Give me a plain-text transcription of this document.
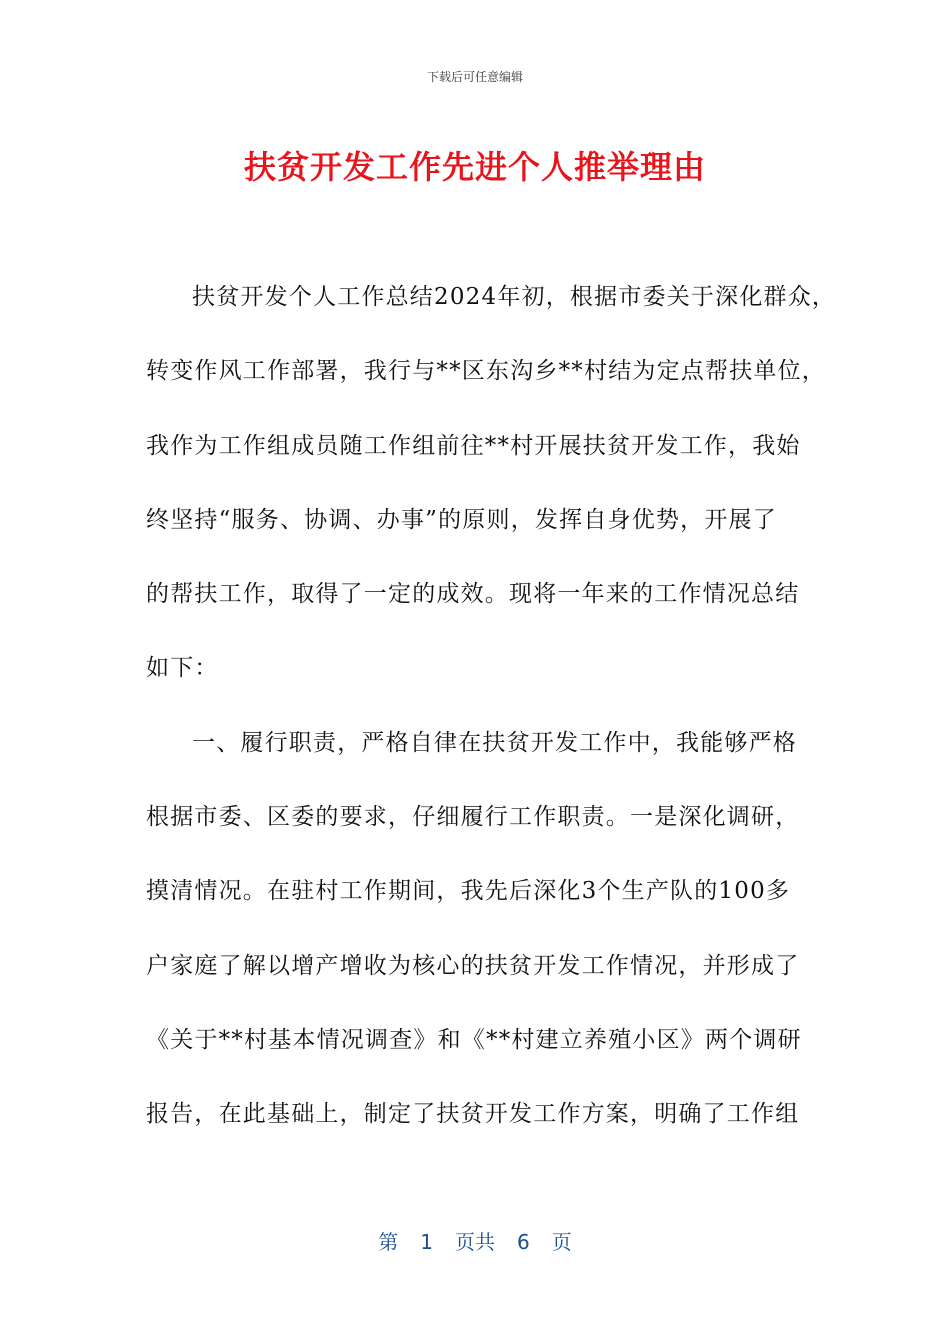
下载后可任意编辑
扶贫开发工作先进个人推举理由
扶贫开发个人工作总结2024年初，根据市委关于深化群众，
转变作风工作部署，我行与**区东沟乡**村结为定点帮扶单位，
我作为工作组成员随工作组前往**村开展扶贫开发工作，我始
终坚持“服务、协调、办事”的原则，发挥自身优势，开展了
的帮扶工作，取得了一定的成效。现将一年来的工作情况总结
如下：
一、履行职责，严格自律在扶贫开发工作中，我能够严格
根据市委、区委的要求，仔细履行工作职责。一是深化调研，
摸清情况。在驻村工作期间，我先后深化3个生产队的100多
户家庭了解以增产增收为核心的扶贫开发工作情况，并形成了
《关于**村基本情况调查》和《**村建立养殖小区》两个调研
报告，在此基础上，制定了扶贫开发工作方案，明确了工作组
第 1 页共 6 页
